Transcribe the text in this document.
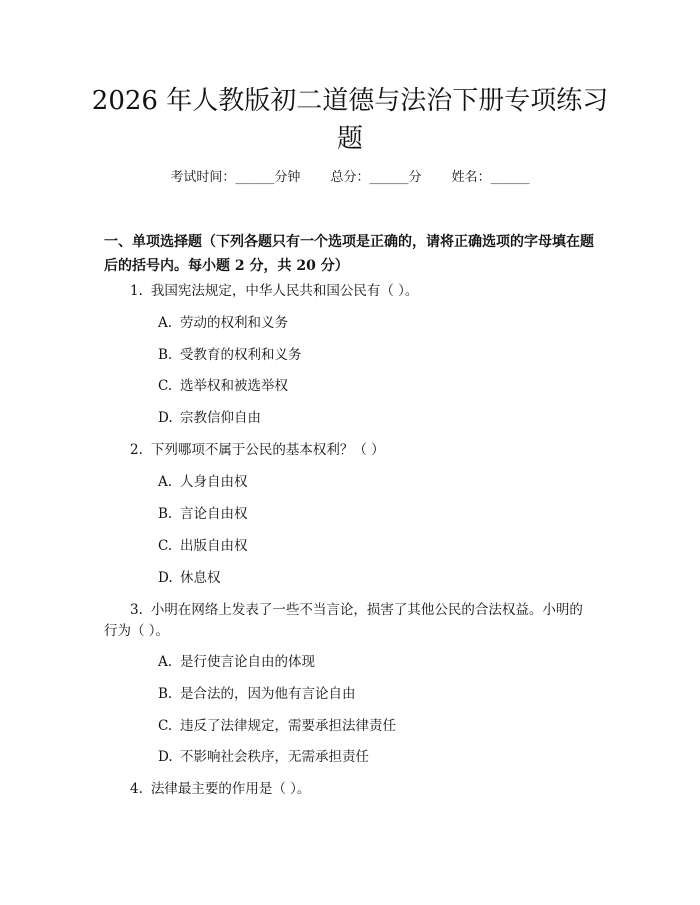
2026 年人教版初二道德与法治下册专项练习
题
考试时间：______分钟 总分：______分 姓名：______
一、单项选择题（下列各题只有一个选项是正确的，请将正确选项的字母填在题
后的括号内。每小题 2 分，共 20 分）
1. 我国宪法规定，中华人民共和国公民有（ ）。
A. 劳动的权利和义务
B. 受教育的权利和义务
C. 选举权和被选举权
D. 宗教信仰自由
2. 下列哪项不属于公民的基本权利？（ ）
A. 人身自由权
B. 言论自由权
C. 出版自由权
D. 休息权
3. 小明在网络上发表了一些不当言论，损害了其他公民的合法权益。小明的
行为（ ）。
A. 是行使言论自由的体现
B. 是合法的，因为他有言论自由
C. 违反了法律规定，需要承担法律责任
D. 不影响社会秩序，无需承担责任
4. 法律最主要的作用是（ ）。
